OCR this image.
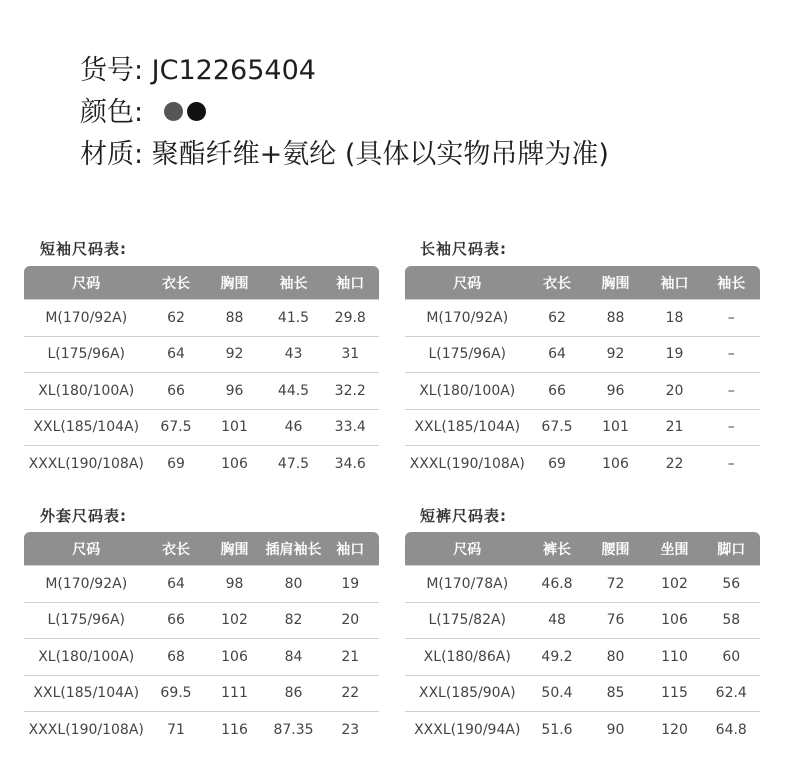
货号: JC12265404
颜色:
材质: 聚酯纤维+氨纶 (具体以实物吊牌为准)
短袖尺码表:
尺码	衣长	胸围	袖长	袖口
M(170/92A)	62	88	41.5	29.8
L(175/96A)	64	92	43	31
XL(180/100A)	66	96	44.5	32.2
XXL(185/104A)	67.5	101	46	33.4
XXXL(190/108A)	69	106	47.5	34.6
长袖尺码表:
尺码	衣长	胸围	袖口	袖长
M(170/92A)	62	88	18	–
L(175/96A)	64	92	19	–
XL(180/100A)	66	96	20	–
XXL(185/104A)	67.5	101	21	–
XXXL(190/108A)	69	106	22	–
外套尺码表:
尺码	衣长	胸围	插肩袖长	袖口
M(170/92A)	64	98	80	19
L(175/96A)	66	102	82	20
XL(180/100A)	68	106	84	21
XXL(185/104A)	69.5	111	86	22
XXXL(190/108A)	71	116	87.35	23
短裤尺码表:
尺码	裤长	腰围	坐围	脚口
M(170/78A)	46.8	72	102	56
L(175/82A)	48	76	106	58
XL(180/86A)	49.2	80	110	60
XXL(185/90A)	50.4	85	115	62.4
XXXL(190/94A)	51.6	90	120	64.8
